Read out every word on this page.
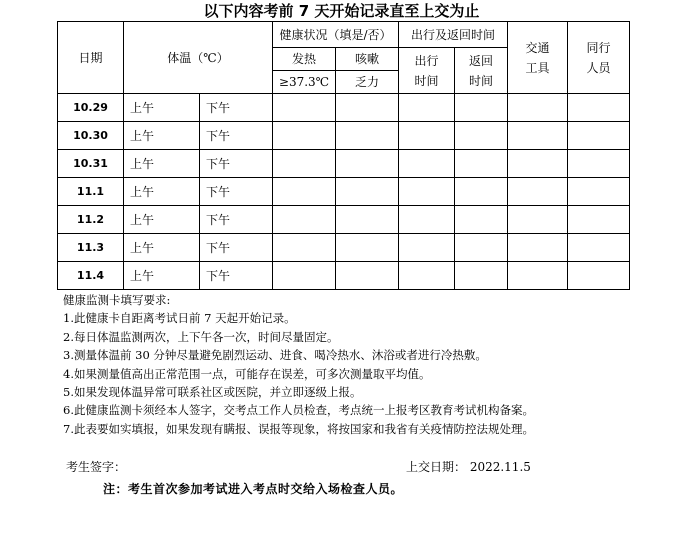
以下内容考前 7 天开始记录直至上交为止
日期	体温（℃）		健康状况（填是/否）		出行及返回时间		交通工具	同行人员

			发热	咳嗽	出行时间	返回时间		

			≥37.3℃	乏力				
10.29	上午	下午						
10.30	上午	下午						
10.31	上午	下午						
11.1	上午	下午						
11.2	上午	下午						
11.3	上午	下午						
11.4	上午	下午						
健康监测卡填写要求:
1.此健康卡自距离考试日前 7 天起开始记录。
2.每日体温监测两次，上下午各一次，时间尽量固定。
3.测量体温前 30 分钟尽量避免剧烈运动、进食、喝冷热水、沐浴或者进行冷热敷。
4.如果测量值高出正常范围一点，可能存在误差，可多次测量取平均值。
5.如果发现体温异常可联系社区或医院，并立即逐级上报。
6.此健康监测卡须经本人签字，交考点工作人员检查，考点统一上报考区教育考试机构备案。
7.此表要如实填报，如果发现有瞒报、误报等现象，将按国家和我省有关疫情防控法规处理。
考生签字：	上交日期： 2022.11.5
注：考生首次参加考试进入考点时交给入场检查人员。
